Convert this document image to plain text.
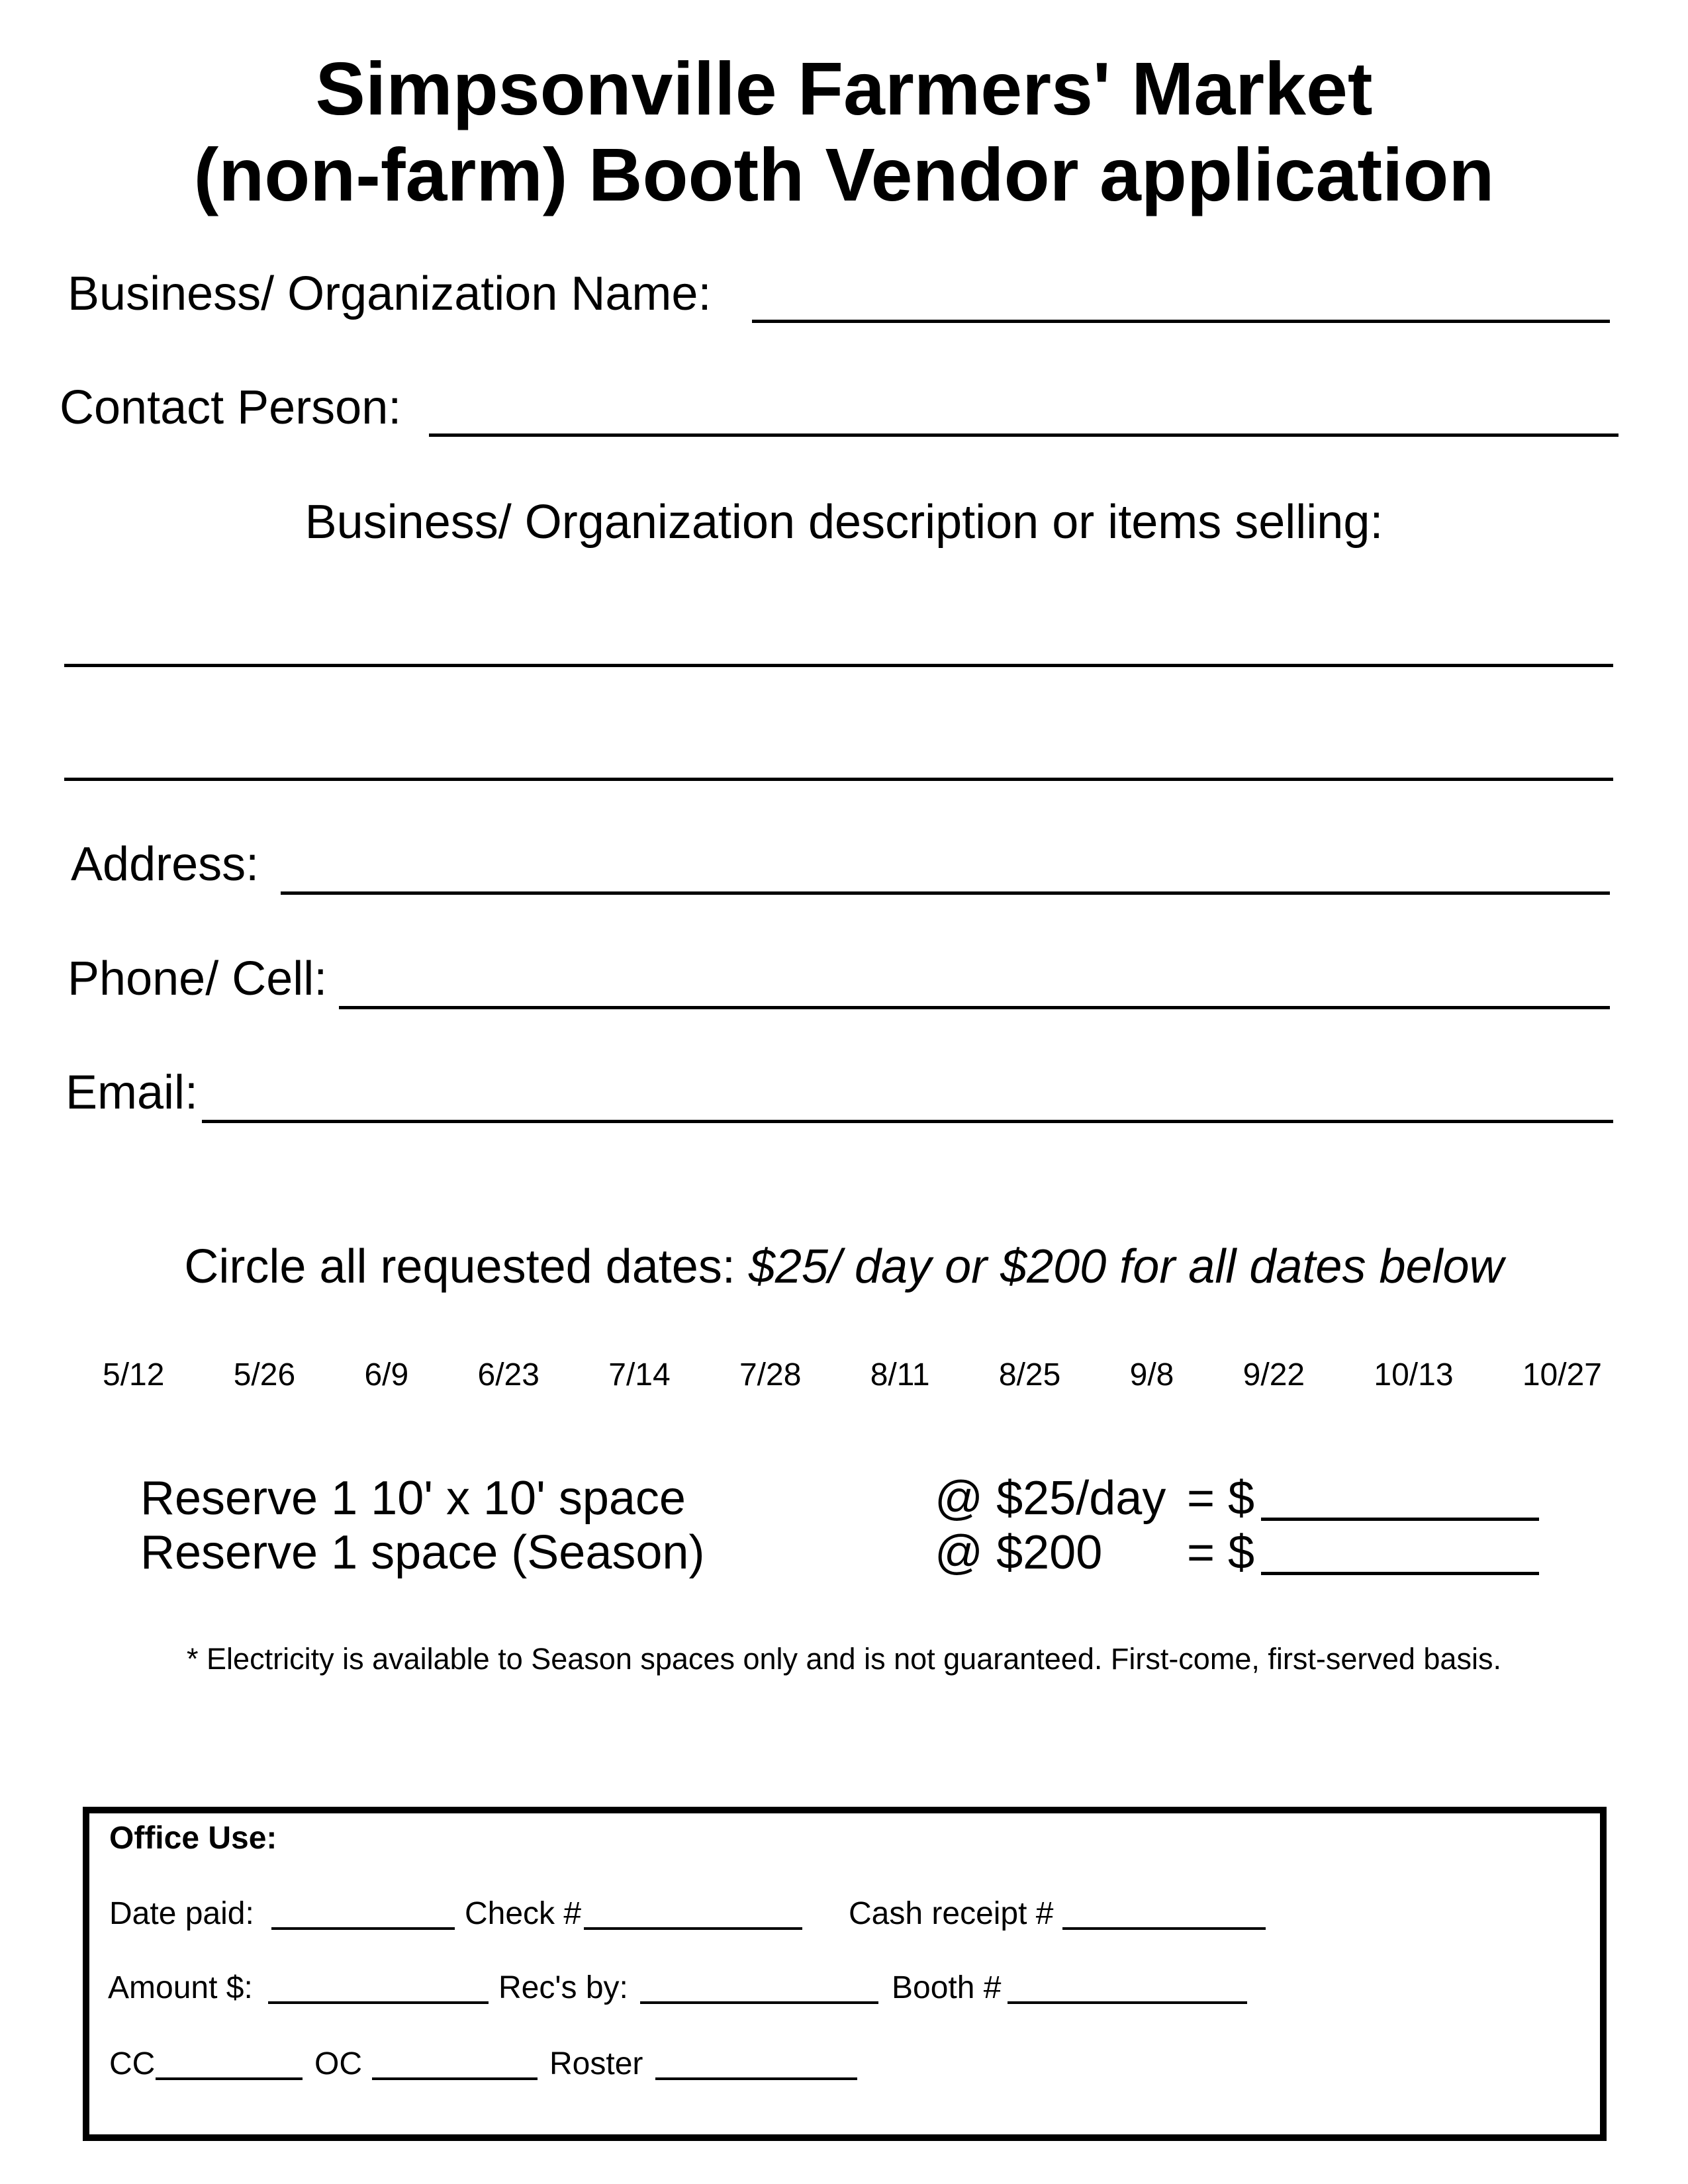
Simpsonville Farmers' Market
(non-farm) Booth Vendor application
Business/ Organization Name:
Contact Person:
Business/ Organization description or items selling:
Address:
Phone/ Cell:
Email:
Circle all requested dates: $25/ day or $200 for all dates below
5/12 5/26 6/9 6/23 7/14 7/28 8/11 8/25 9/8 9/22 10/13 10/27
Reserve 1 10' x 10' space	@ $25/day = $
Reserve 1 space (Season)	@ $200 = $
* Electricity is available to Season spaces only and is not guaranteed. First-come, first-served basis.
Office Use:
Date paid:	Check #	Cash receipt #
Amount $:	Rec's by:	Booth #
CC	OC	Roster
